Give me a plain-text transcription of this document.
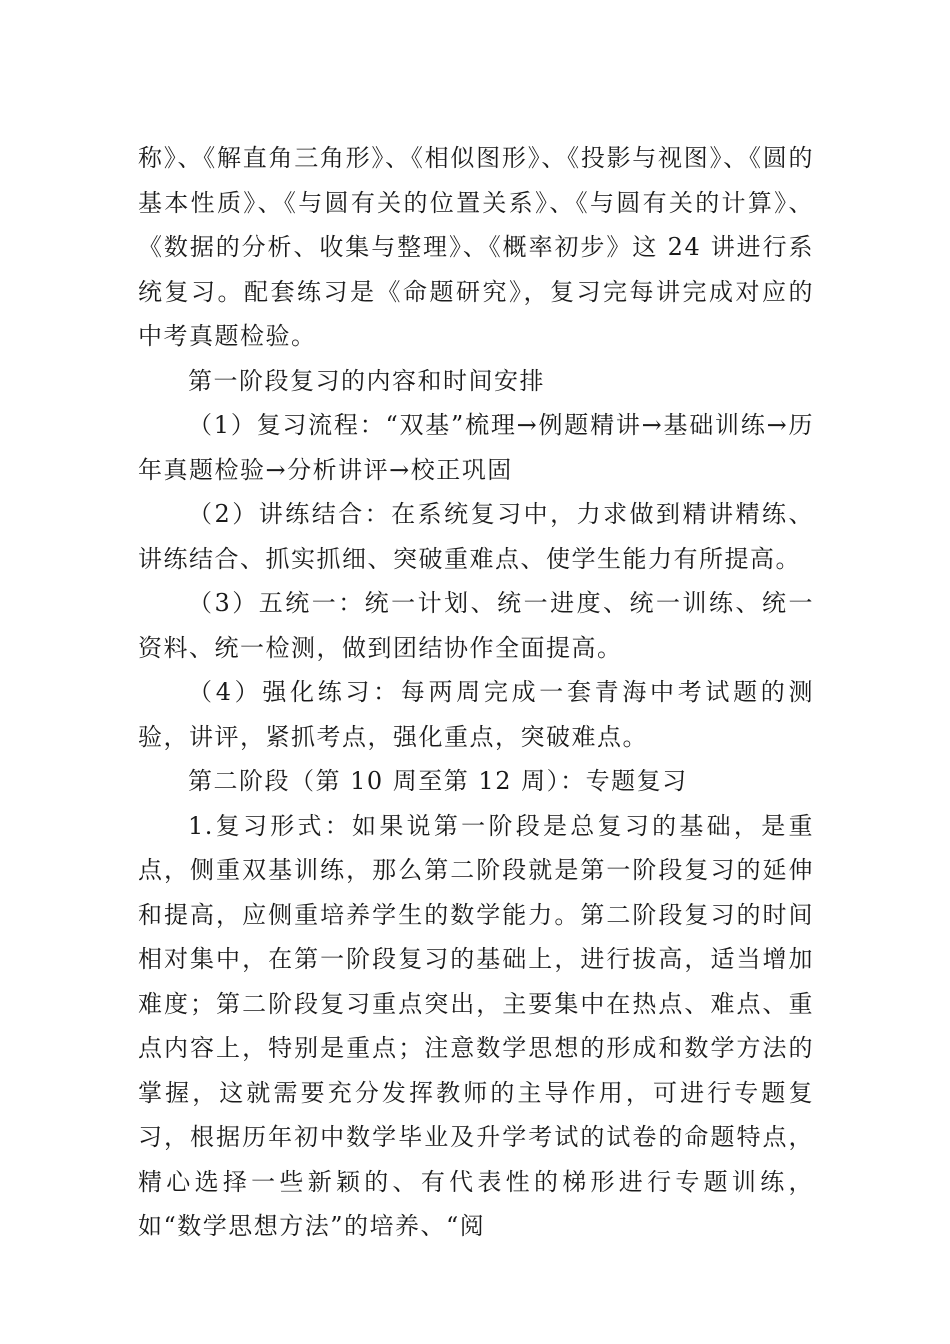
称》、《解直角三角形》、《相似图形》、《投影与视图》、《圆的基本性质》、《与圆有关的位置关系》、《与圆有关的计算》、《数据的分析、收集与整理》、《概率初步》这 24 讲进行系统复习。配套练习是《命题研究》，复习完每讲完成对应的中考真题检验。

第一阶段复习的内容和时间安排

（1）复习流程：“双基”梳理→例题精讲→基础训练→历年真题检验→分析讲评→校正巩固

（2）讲练结合：在系统复习中，力求做到精讲精练、讲练结合、抓实抓细、突破重难点、使学生能力有所提高。

（3）五统一：统一计划、统一进度、统一训练、统一资料、统一检测，做到团结协作全面提高。

（4）强化练习：每两周完成一套青海中考试题的测验，讲评，紧抓考点，强化重点，突破难点。

第二阶段（第 10 周至第 12 周）：专题复习

1.复习形式：如果说第一阶段是总复习的基础，是重点，侧重双基训练，那么第二阶段就是第一阶段复习的延伸和提高，应侧重培养学生的数学能力。第二阶段复习的时间相对集中，在第一阶段复习的基础上，进行拔高，适当增加难度；第二阶段复习重点突出，主要集中在热点、难点、重点内容上，特别是重点；注意数学思想的形成和数学方法的掌握，这就需要充分发挥教师的主导作用，可进行专题复习，根据历年初中数学毕业及升学考试的试卷的命题特点，精心选择一些新颖的、有代表性的梯形进行专题训练，如“数学思想方法”的培养、“阅
